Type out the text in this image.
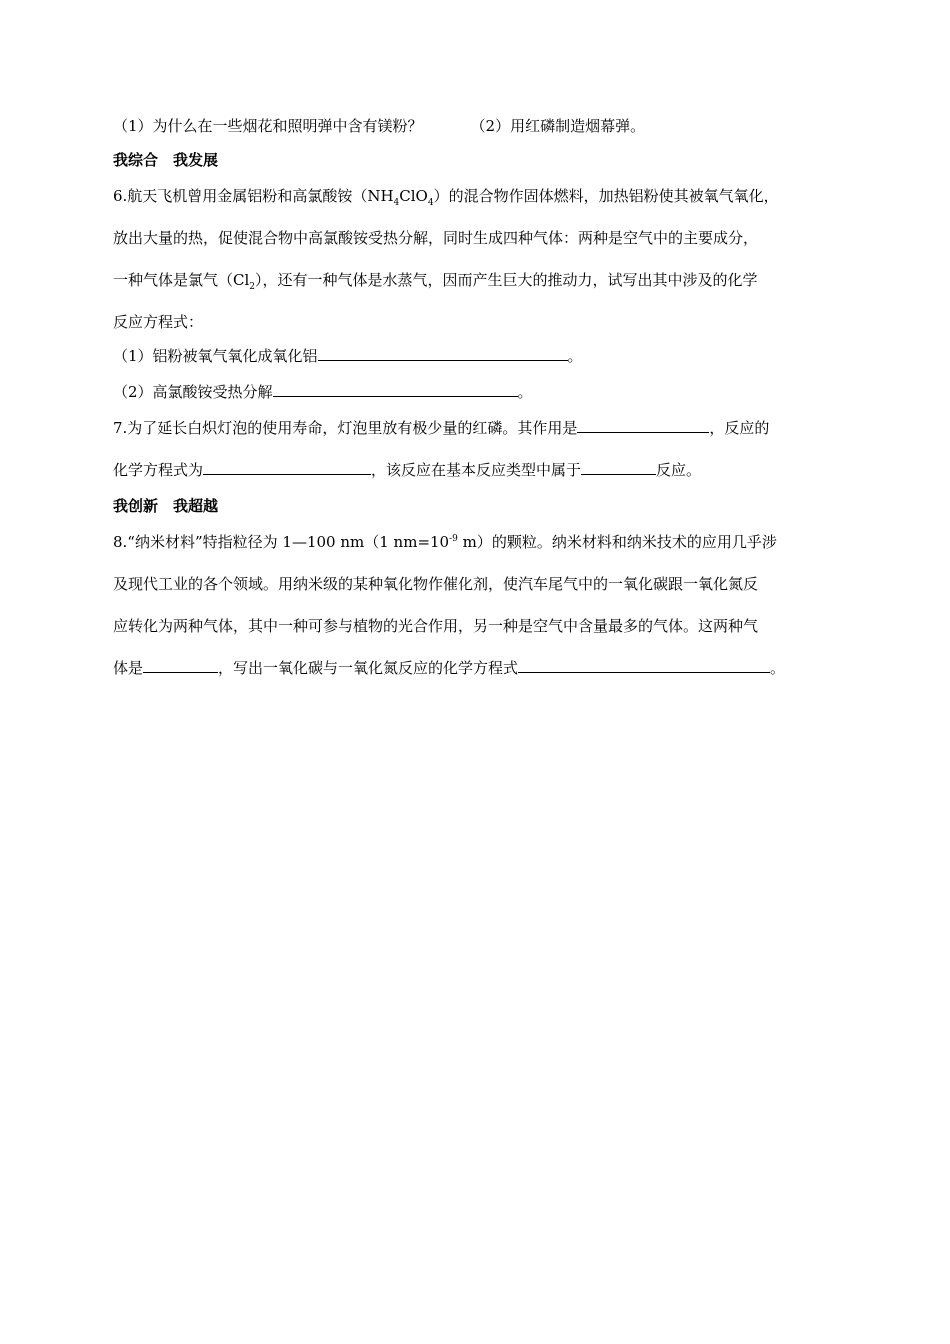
（1）为什么在一些烟花和照明弹中含有镁粉？	（2）用红磷制造烟幕弹。
我综合 我发展
6.航天飞机曾用金属铝粉和高氯酸铵$(NH_4ClO_4)$的混合物作固体燃料，加热铝粉使其被氧气氧化，
放出大量的热，促使混合物中高氯酸铵受热分解，同时生成四种气体：两种是空气中的主要成分，
一种气体是氯气$(Cl_2)$，还有一种气体是水蒸气，因而产生巨大的推动力，试写出其中涉及的化学
反应方程式：
（1）铝粉被氧气氧化成氧化铝	。
（2）高氯酸铵受热分解	。
7.为了延长白炽灯泡的使用寿命，灯泡里放有极少量的红磷。其作用是	，反应的
化学方程式为	，该反应在基本反应类型中属于	反应。
我创新 我超越
8.“纳米材料”特指粒径为 1—100 nm（1 $nm=10^{-9}$ m）的颗粒。纳米材料和纳米技术的应用几乎涉
及现代工业的各个领域。用纳米级的某种氧化物作催化剂，使汽车尾气中的一氧化碳跟一氧化氮反
应转化为两种气体，其中一种可参与植物的光合作用，另一种是空气中含量最多的气体。这两种气
体是	，写出一氧化碳与一氧化氮反应的化学方程式	。
